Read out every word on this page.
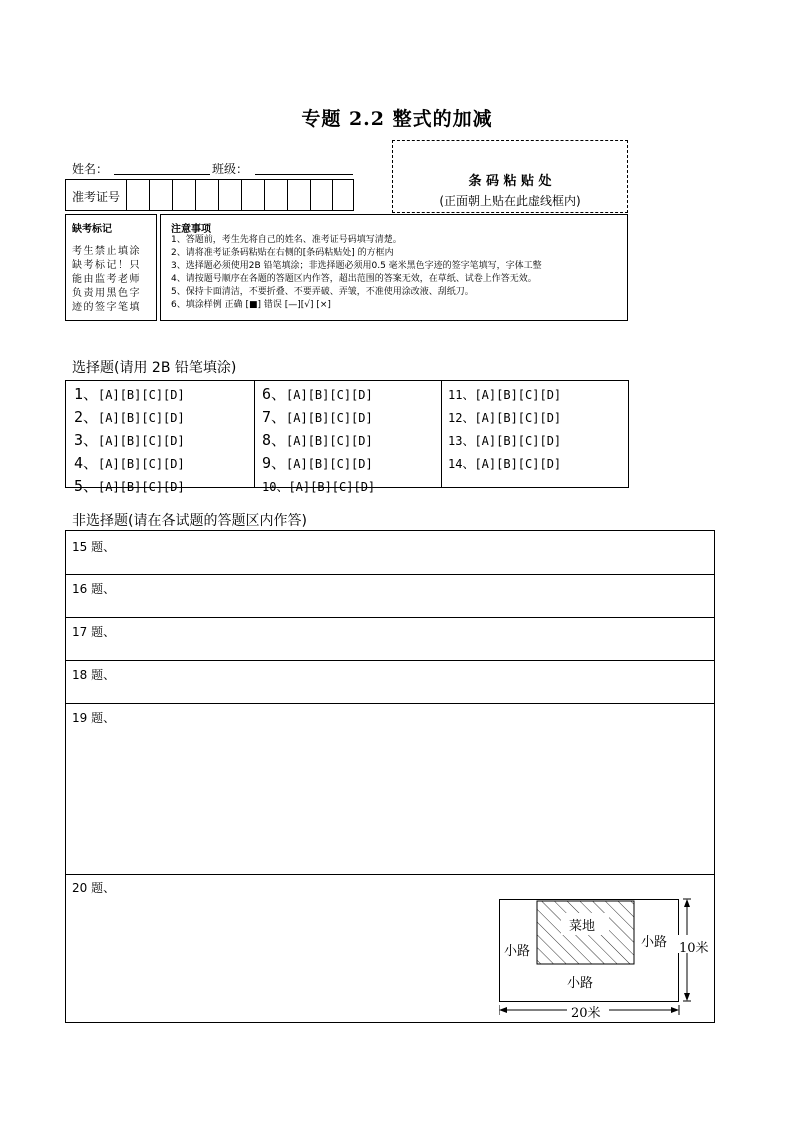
专题 2.2 整式的加减
姓名：	班级：
准考证号
条 码 粘 贴 处
(正面朝上贴在此虚线框内)
缺考标记
考生禁止填涂缺考标记！只能由监考老师负责用黑色字迹的签字笔填
注意事项
1、答题前，考生先将自己的姓名、准考证号码填写清楚。
2、请将准考证条码粘贴在右侧的[条码粘贴处] 的方框内
3、选择题必须使用2B 铅笔填涂；非选择题必须用0.5 毫米黑色字迹的签字笔填写，字体工整
4、请按题号顺序在各题的答题区内作答，超出范围的答案无效，在草纸、试卷上作答无效。
5、保持卡面清洁，不要折叠、不要弄破、弄皱，不准使用涂改液、刮纸刀。
6、填涂样例 正确 [■] 错误 [—][√] [×]
选择题(请用 2B 铅笔填涂)
1、[A][B][C][D]
2、[A][B][C][D]
3、[A][B][C][D]
4、[A][B][C][D]
5、[A][B][C][D]
6、[A][B][C][D]
7、[A][B][C][D]
8、[A][B][C][D]
9、[A][B][C][D]
10、[A][B][C][D]
11、[A][B][C][D]
12、[A][B][C][D]
13、[A][B][C][D]
14、[A][B][C][D]
非选择题(请在各试题的答题区内作答)
15 题、
16 题、
17 题、
18 题、
19 题、
20 题、
菜地
小路
小路
小路
10米
20米
